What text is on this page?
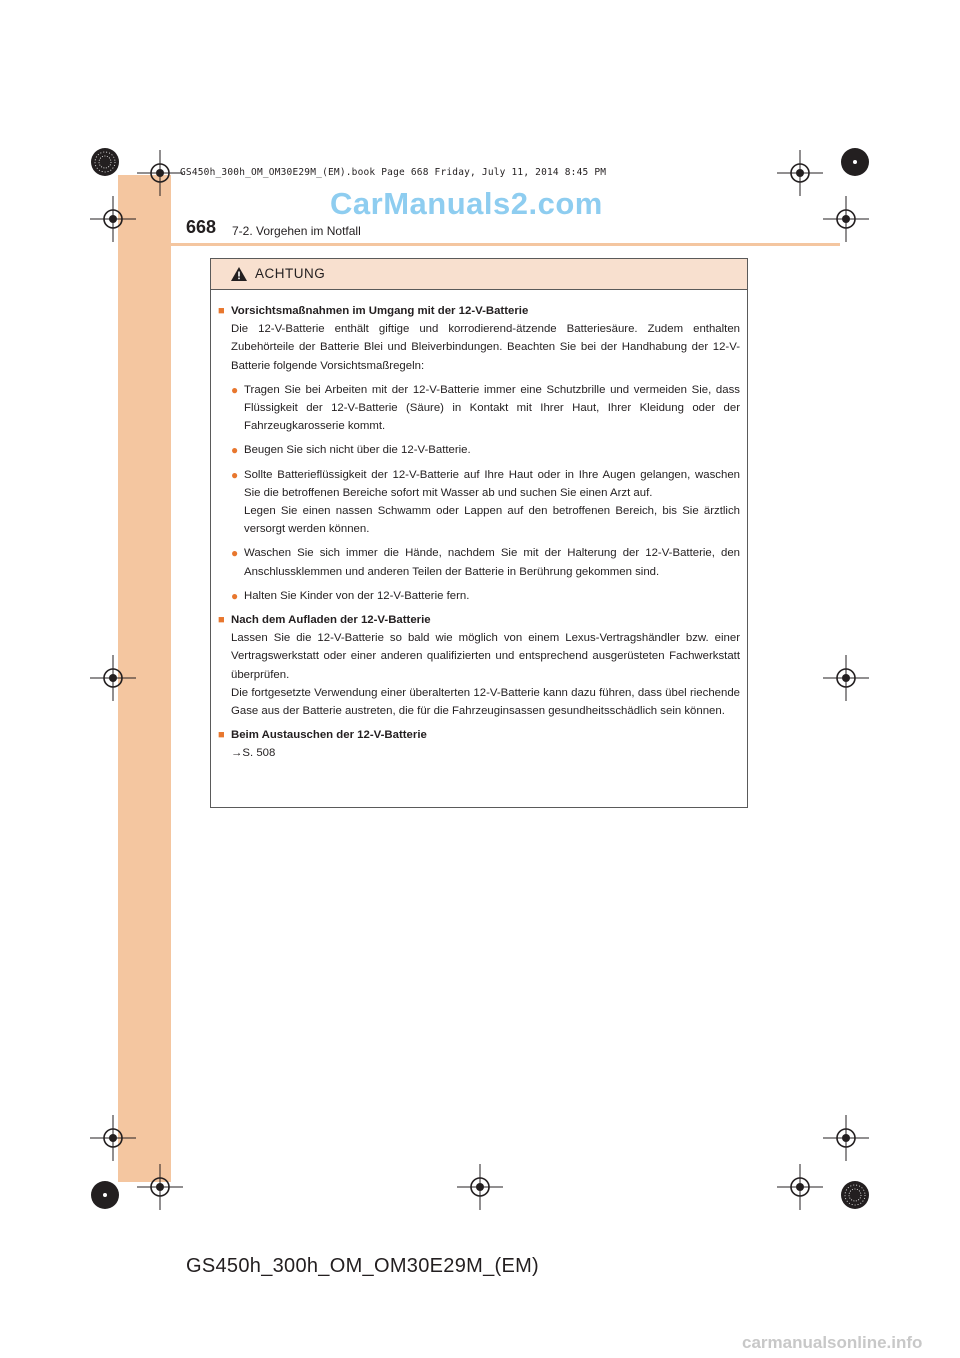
GS450h_300h_OM_OM30E29M_(EM).book Page 668 Friday, July 11, 2014 8:45 PM
CarManuals2.com
668 7-2. Vorgehen im Notfall
ACHTUNG
■ Vorsichtsmaßnahmen im Umgang mit der 12-V-Batterie
Die 12-V-Batterie enthält giftige und korrodierend-ätzende Batteriesäure. Zudem enthalten Zubehörteile der Batterie Blei und Bleiverbindungen. Beachten Sie bei der Handhabung der 12-V-Batterie folgende Vorsichtsmaßregeln:
● Tragen Sie bei Arbeiten mit der 12-V-Batterie immer eine Schutzbrille und vermeiden Sie, dass Flüssigkeit der 12-V-Batterie (Säure) in Kontakt mit Ihrer Haut, Ihrer Kleidung oder der Fahrzeugkarosserie kommt.
● Beugen Sie sich nicht über die 12-V-Batterie.
● Sollte Batterieflüssigkeit der 12-V-Batterie auf Ihre Haut oder in Ihre Augen gelangen, waschen Sie die betroffenen Bereiche sofort mit Wasser ab und suchen Sie einen Arzt auf.
Legen Sie einen nassen Schwamm oder Lappen auf den betroffenen Bereich, bis Sie ärztlich versorgt werden können.
● Waschen Sie sich immer die Hände, nachdem Sie mit der Halterung der 12-V-Batterie, den Anschlussklemmen und anderen Teilen der Batterie in Berührung gekommen sind.
● Halten Sie Kinder von der 12-V-Batterie fern.
■ Nach dem Aufladen der 12-V-Batterie
Lassen Sie die 12-V-Batterie so bald wie möglich von einem Lexus-Vertragshändler bzw. einer Vertragswerkstatt oder einer anderen qualifizierten und entsprechend ausgerüsteten Fachwerkstatt überprüfen.
Die fortgesetzte Verwendung einer überalterten 12-V-Batterie kann dazu führen, dass übel riechende Gase aus der Batterie austreten, die für die Fahrzeuginsassen gesundheitsschädlich sein können.
■ Beim Austauschen der 12-V-Batterie
→S. 508
GS450h_300h_OM_OM30E29M_(EM)
carmanualsonline.info
